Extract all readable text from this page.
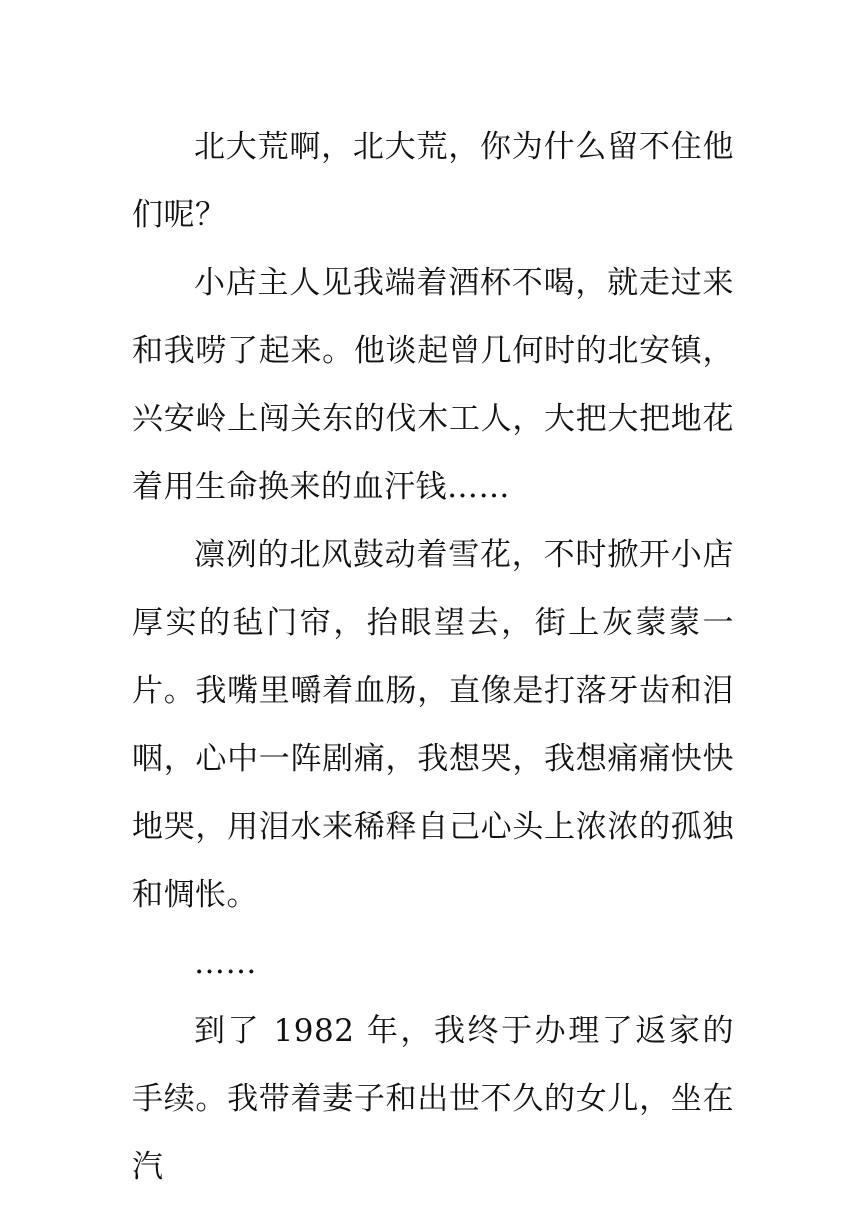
北大荒啊，北大荒，你为什么留不住他们呢？

小店主人见我端着酒杯不喝，就走过来和我唠了起来。他谈起曾几何时的北安镇，兴安岭上闯关东的伐木工人，大把大把地花着用生命换来的血汗钱……

凛冽的北风鼓动着雪花，不时掀开小店厚实的毡门帘，抬眼望去，街上灰蒙蒙一片。我嘴里嚼着血肠，直像是打落牙齿和泪咽，心中一阵剧痛，我想哭，我想痛痛快快地哭，用泪水来稀释自己心头上浓浓的孤独和惆怅。

……

到了 1982 年，我终于办理了返家的手续。我带着妻子和出世不久的女儿，坐在汽
